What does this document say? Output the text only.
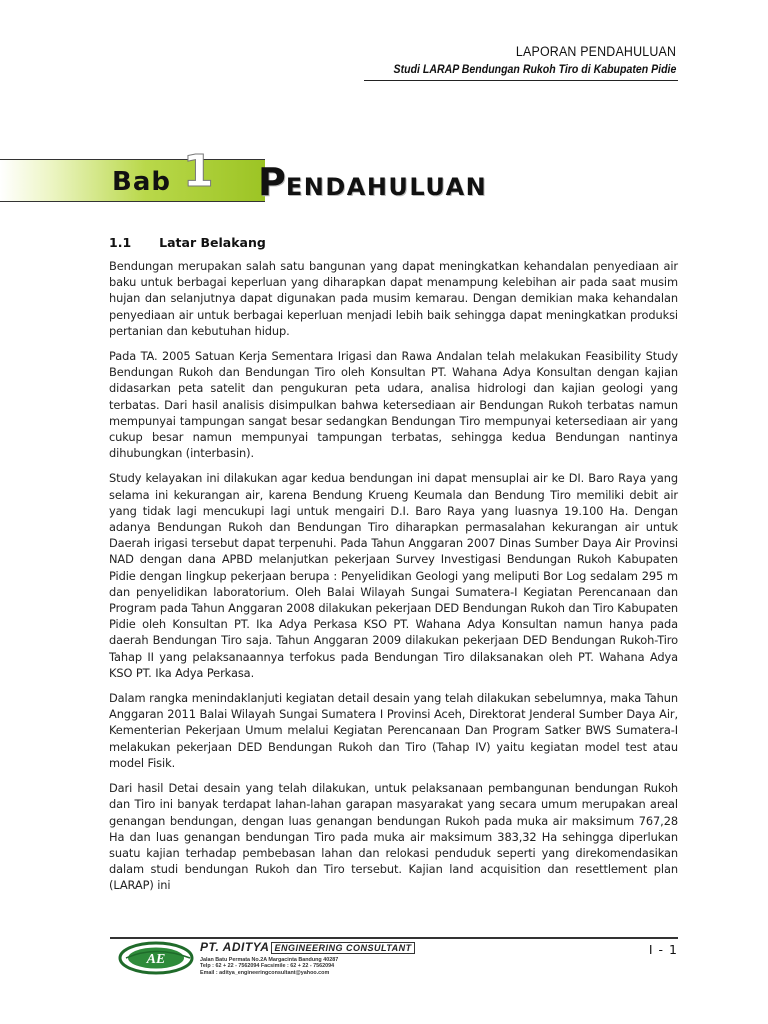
LAPORAN PENDAHULUAN
Studi LARAP Bendungan Rukoh Tiro di Kabupaten Pidie
Bab 1 PENDAHULUAN
1.1 Latar Belakang

Bendungan merupakan salah satu bangunan yang dapat meningkatkan kehandalan penyediaan air baku untuk berbagai keperluan yang diharapkan dapat menampung kelebihan air pada saat musim hujan dan selanjutnya dapat digunakan pada musim kemarau. Dengan demikian maka kehandalan penyediaan air untuk berbagai keperluan menjadi lebih baik sehingga dapat meningkatkan produksi pertanian dan kebutuhan hidup.

Pada TA. 2005 Satuan Kerja Sementara Irigasi dan Rawa Andalan telah melakukan Feasibility Study Bendungan Rukoh dan Bendungan Tiro oleh Konsultan PT. Wahana Adya Konsultan dengan kajian didasarkan peta satelit dan pengukuran peta udara, analisa hidrologi dan kajian geologi yang terbatas. Dari hasil analisis disimpulkan bahwa ketersediaan air Bendungan Rukoh terbatas namun mempunyai tampungan sangat besar sedangkan Bendungan Tiro mempunyai ketersediaan air yang cukup besar namun mempunyai tampungan terbatas, sehingga kedua Bendungan nantinya dihubungkan (interbasin).

Study kelayakan ini dilakukan agar kedua bendungan ini dapat mensuplai air ke DI. Baro Raya yang selama ini kekurangan air, karena Bendung Krueng Keumala dan Bendung Tiro memiliki debit air yang tidak lagi mencukupi lagi untuk mengairi D.I. Baro Raya yang luasnya 19.100 Ha. Dengan adanya Bendungan Rukoh dan Bendungan Tiro diharapkan permasalahan kekurangan air untuk Daerah irigasi tersebut dapat terpenuhi. Pada Tahun Anggaran 2007 Dinas Sumber Daya Air Provinsi NAD dengan dana APBD melanjutkan pekerjaan Survey Investigasi Bendungan Rukoh Kabupaten Pidie dengan lingkup pekerjaan berupa : Penyelidikan Geologi yang meliputi Bor Log sedalam 295 m dan penyelidikan laboratorium. Oleh Balai Wilayah Sungai Sumatera-I Kegiatan Perencanaan dan Program pada Tahun Anggaran 2008 dilakukan pekerjaan DED Bendungan Rukoh dan Tiro Kabupaten Pidie oleh Konsultan PT. Ika Adya Perkasa KSO PT. Wahana Adya Konsultan namun hanya pada daerah Bendungan Tiro saja. Tahun Anggaran 2009 dilakukan pekerjaan DED Bendungan Rukoh-Tiro Tahap II yang pelaksanaannya terfokus pada Bendungan Tiro dilaksanakan oleh PT. Wahana Adya KSO PT. Ika Adya Perkasa.

Dalam rangka menindaklanjuti kegiatan detail desain yang telah dilakukan sebelumnya, maka Tahun Anggaran 2011 Balai Wilayah Sungai Sumatera I Provinsi Aceh, Direktorat Jenderal Sumber Daya Air, Kementerian Pekerjaan Umum melalui Kegiatan Perencanaan Dan Program Satker BWS Sumatera-I melakukan pekerjaan DED Bendungan Rukoh dan Tiro (Tahap IV) yaitu kegiatan model test atau model Fisik.

Dari hasil Detai desain yang telah dilakukan, untuk pelaksanaan pembangunan bendungan Rukoh dan Tiro ini banyak terdapat lahan-lahan garapan masyarakat yang secara umum merupakan areal genangan bendungan, dengan luas genangan bendungan Rukoh pada muka air maksimum 767,28 Ha dan luas genangan bendungan Tiro pada muka air maksimum 383,32 Ha sehingga diperlukan suatu kajian terhadap pembebasan lahan dan relokasi penduduk seperti yang direkomendasikan dalam studi bendungan Rukoh dan Tiro tersebut. Kajian land acquisition dan resettlement plan (LARAP) ini

AE
PT. ADITYA ENGINEERING CONSULTANT
Jalan Batu Permata No.2A Margacinta Bandung 40287
Telp : 62 + 22 - 7562094 Facsimile : 62 + 22 - 7562094
Email : aditya_engineeringconsultant@yahoo.com
I - 1
